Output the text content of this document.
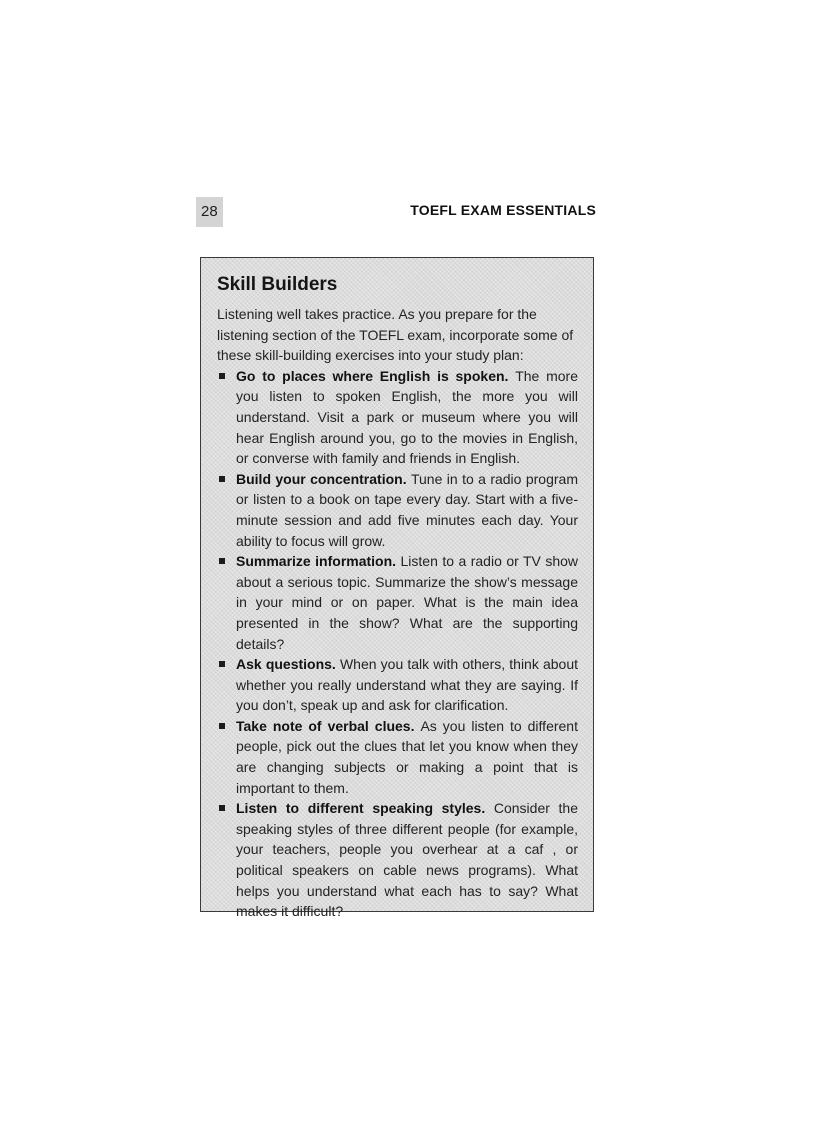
28	TOEFL EXAM ESSENTIALS
Skill Builders

Listening well takes practice. As you prepare for the listening section of the TOEFL exam, incorporate some of these skill-building exercises into your study plan:

Go to places where English is spoken. The more you listen to spoken English, the more you will understand. Visit a park or museum where you will hear English around you, go to the movies in English, or converse with family and friends in English.
Build your concentration. Tune in to a radio program or listen to a book on tape every day. Start with a five-minute session and add five minutes each day. Your ability to focus will grow.
Summarize information. Listen to a radio or TV show about a serious topic. Summarize the show’s message in your mind or on paper. What is the main idea presented in the show? What are the supporting details?
Ask questions. When you talk with others, think about whether you really understand what they are saying. If you don’t, speak up and ask for clarification.
Take note of verbal clues. As you listen to different people, pick out the clues that let you know when they are changing subjects or making a point that is important to them.
Listen to different speaking styles. Consider the speaking styles of three different people (for example, your teachers, people you overhear at a caf , or political speakers on cable news programs). What helps you understand what each has to say? What makes it difficult?
